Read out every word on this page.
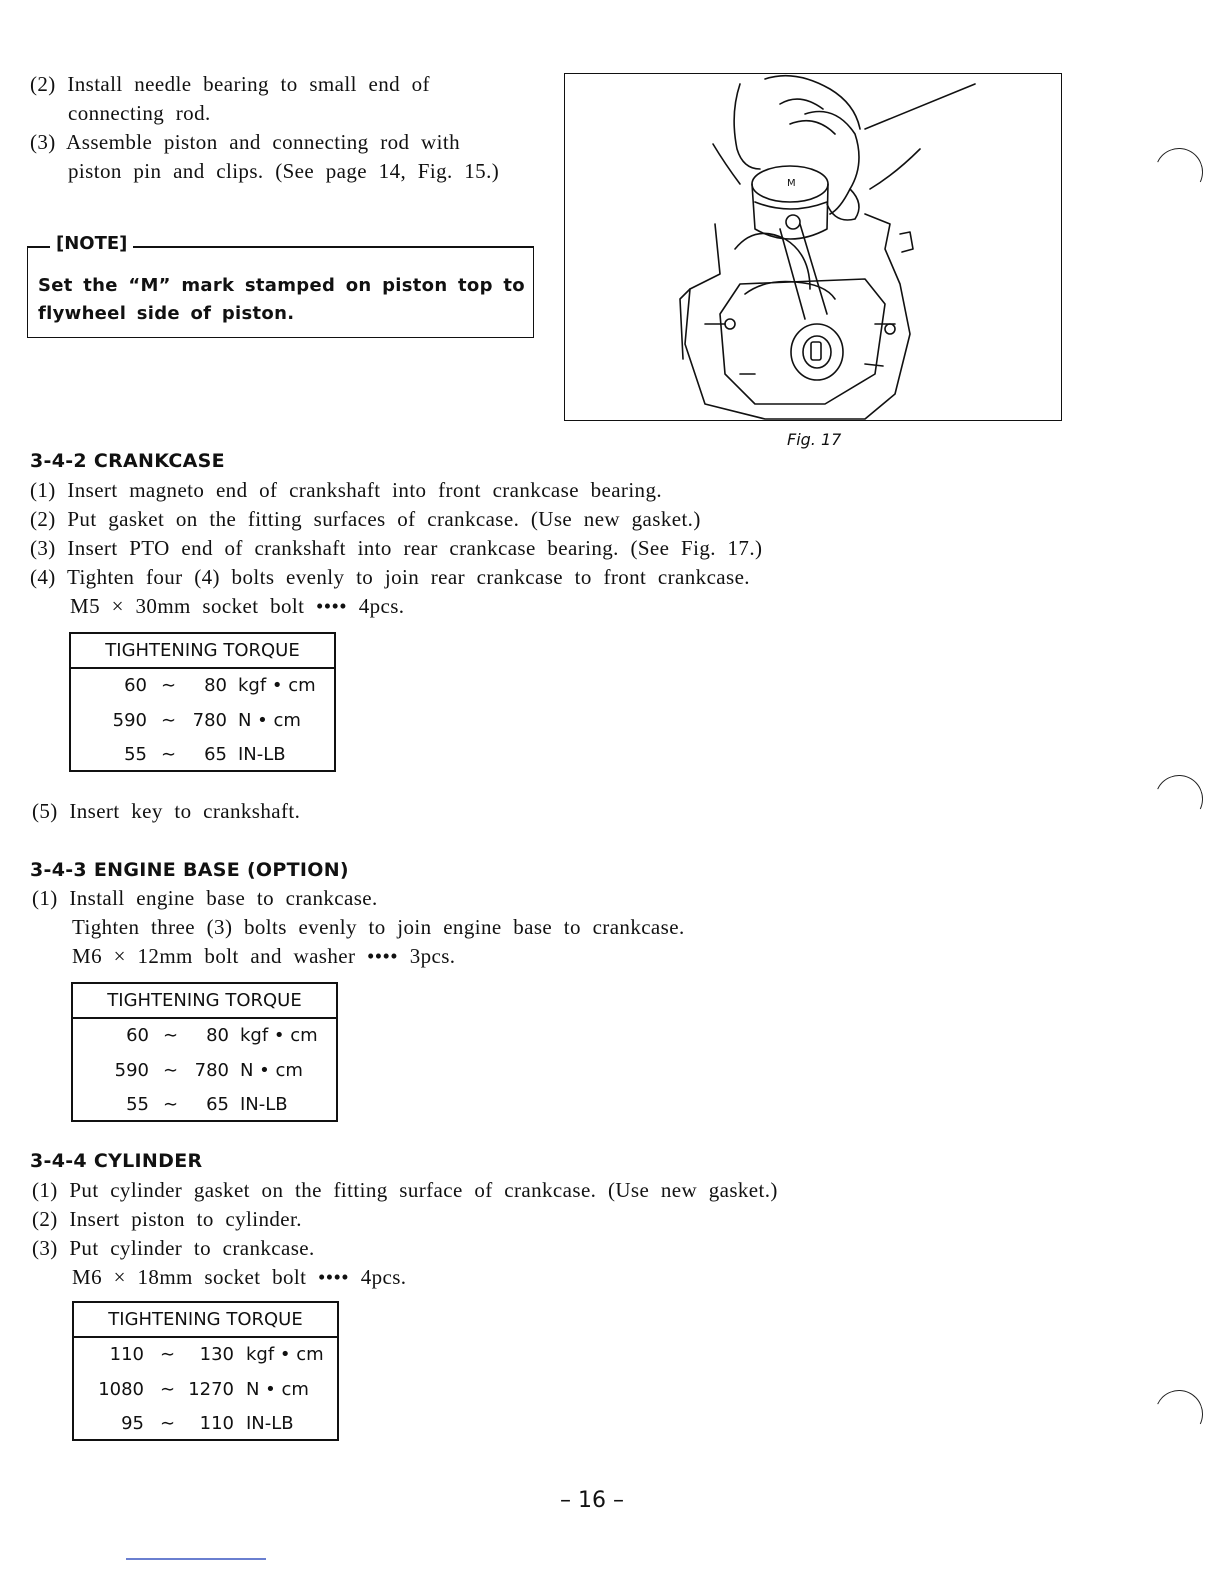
(2) Install needle bearing to small end of
connecting rod.
(3) Assemble piston and connecting rod with
piston pin and clips. (See page 14, Fig. 15.)
[NOTE]
Set the “M” mark stamped on piston top to
flywheel side of piston.
M
Fig. 17
3-4-2 CRANKCASE
(1) Insert magneto end of crankshaft into front crankcase bearing.
(2) Put gasket on the fitting surfaces of crankcase. (Use new gasket.)
(3) Insert PTO end of crankshaft into rear crankcase bearing. (See Fig. 17.)
(4) Tighten four (4) bolts evenly to join rear crankcase to front crankcase.
M5 × 30mm socket bolt •••• 4pcs.
TIGHTENING TORQUE
60 ∼	80 kgf • cm
590 ∼ 780 N • cm
55 ∼	65 IN-LB
(5) Insert key to crankshaft.
3-4-3 ENGINE BASE (OPTION)
(1) Install engine base to crankcase.
Tighten three (3) bolts evenly to join engine base to crankcase.
M6 × 12mm bolt and washer •••• 3pcs.
TIGHTENING TORQUE
60 ∼	80 kgf • cm
590 ∼ 780 N • cm
55 ∼	65 IN-LB
3-4-4 CYLINDER
(1) Put cylinder gasket on the fitting surface of crankcase. (Use new gasket.)
(2) Insert piston to cylinder.
(3) Put cylinder to crankcase.
M6 × 18mm socket bolt •••• 4pcs.
TIGHTENING TORQUE
110 ∼	130 kgf • cm
1080 ∼ 1270 N • cm
95 ∼	110 IN-LB
– 16 –
